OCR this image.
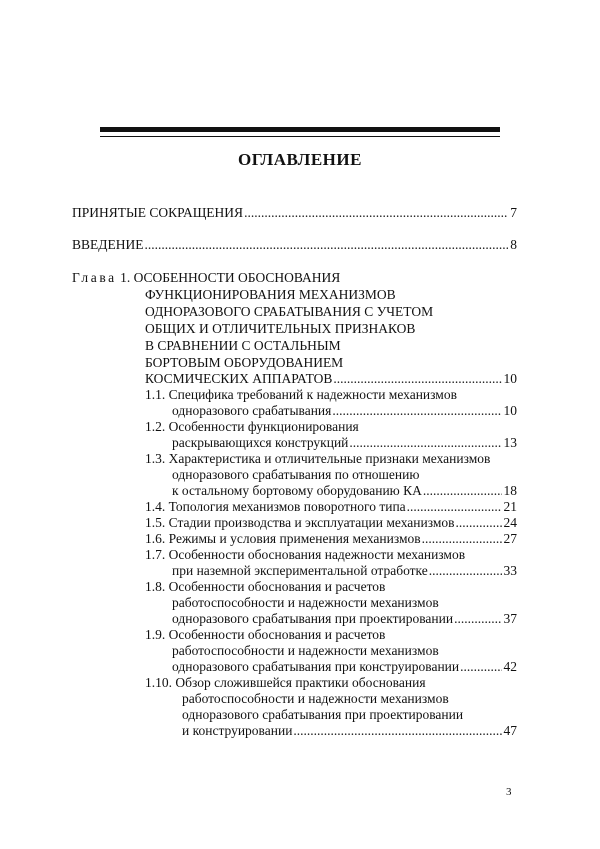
ОГЛАВЛЕНИЕ
ПРИНЯТЫЕ СОКРАЩЕНИЯ .....	7
ВВЕДЕНИЕ .....	8
Глава 1. ОСОБЕННОСТИ ОБОСНОВАНИЯ
ФУНКЦИОНИРОВАНИЯ МЕХАНИЗМОВ
ОДНОРАЗОВОГО СРАБАТЫВАНИЯ С УЧЕТОМ
ОБЩИХ И ОТЛИЧИТЕЛЬНЫХ ПРИЗНАКОВ
В СРАВНЕНИИ С ОСТАЛЬНЫМ
БОРТОВЫМ ОБОРУДОВАНИЕМ
КОСМИЧЕСКИХ АППАРАТОВ .....	10
1.1. Специфика требований к надежности механизмов
одноразового срабатывания .....	10
1.2. Особенности функционирования
раскрывающихся конструкций .....	13
1.3. Характеристика и отличительные признаки механизмов
одноразового срабатывания по отношению
к остальному бортовому оборудованию КА .....	18
1.4. Топология механизмов поворотного типа .....	21
1.5. Стадии производства и эксплуатации механизмов .....	24
1.6. Режимы и условия применения механизмов .....	27
1.7. Особенности обоснования надежности механизмов
при наземной экспериментальной отработке .....	33
1.8. Особенности обоснования и расчетов
работоспособности и надежности механизмов
одноразового срабатывания при проектировании .....	37
1.9. Особенности обоснования и расчетов
работоспособности и надежности механизмов
одноразового срабатывания при конструировании .....	42
1.10. Обзор сложившейся практики обоснования
работоспособности и надежности механизмов
одноразового срабатывания при проектировании
и конструировании .....	47
3
